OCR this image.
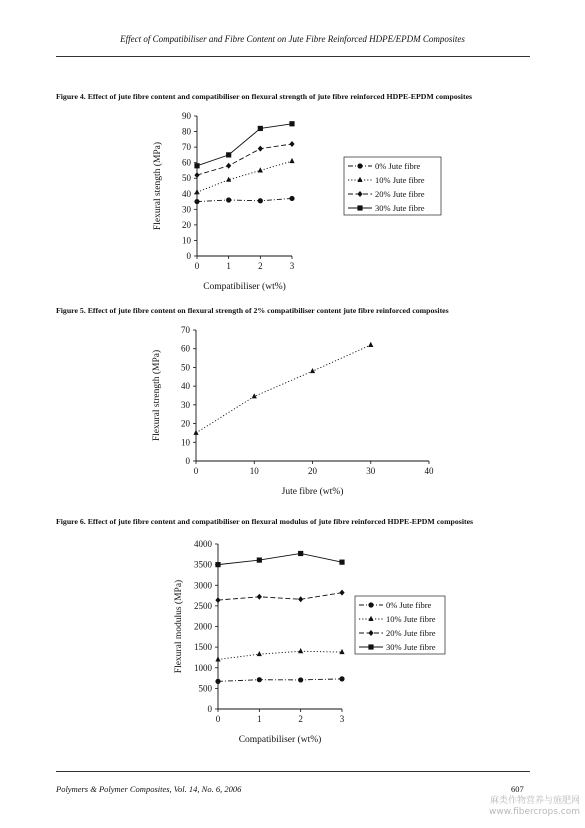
Effect of Compatibiliser and Fibre Content on Jute Fibre Reinforced HDPE/EPDM Composites
Figure 4. Effect of jute fibre content and compatibiliser on flexural strength of jute fibre reinforced HDPE-EPDM composites
0
10
20
30
40
50
60
70
80
90
0	1	2	3
Compatibiliser (wt%)
Flexural stength (MPa)	0% Jute fibre
10% Jute fibre
20% Jute fibre
30% Jute fibre
Figure 5. Effect of jute fibre content on flexural strength of 2% compatibiliser content jute fibre reinforced composites
0
10
20
30
40
50
60
70
0	10	20	30	40
Jute fibre (wt%)
Flexural strength (MPa)
Figure 6. Effect of jute fibre content and compatibiliser on flexural modulus of jute fibre reinforced HDPE-EPDM composites
0
500
1000
1500
2000
2500
3000
3500
4000
0	1	2	3
Compatibiliser (wt%)
Flexural modulus (MPa)	0% Jute fibre
10% Jute fibre
20% Jute fibre
30% Jute fibre
Polymers & Polymer Composites, Vol. 14, No. 6, 2006	607
麻类作物营养与施肥网
www.fibercrops.com
